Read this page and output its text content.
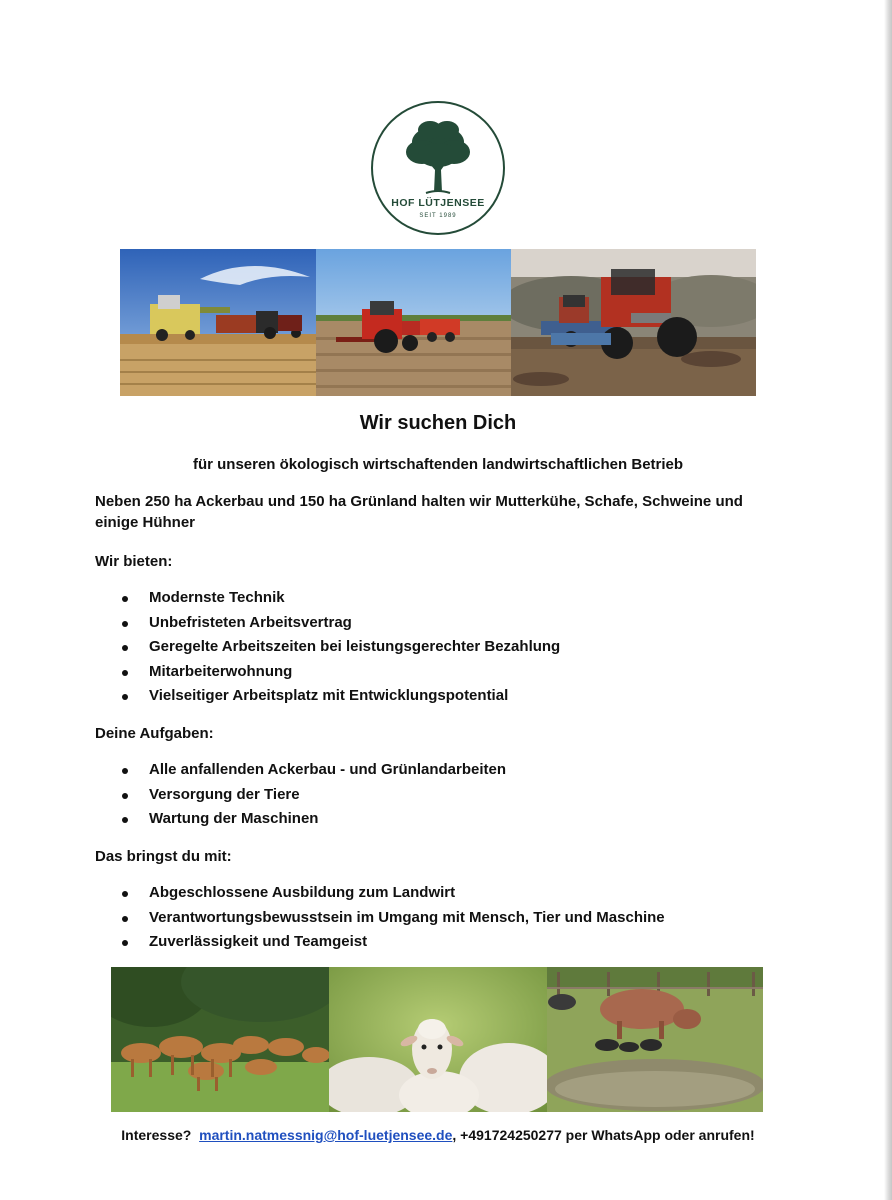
HOF LÜTJENSEE
SEIT 1989
Wir suchen Dich
für unseren ökologisch wirtschaftenden landwirtschaftlichen Betrieb
Neben 250 ha Ackerbau und 150 ha Grünland halten wir Mutterkühe, Schafe, Schweine und einige Hühner
Wir bieten:
Modernste Technik
Unbefristeten Arbeitsvertrag
Geregelte Arbeitszeiten bei leistungsgerechter Bezahlung
Mitarbeiterwohnung
Vielseitiger Arbeitsplatz mit Entwicklungspotential
Deine Aufgaben:
Alle anfallenden Ackerbau - und Grünlandarbeiten
Versorgung der Tiere
Wartung der Maschinen
Das bringst du mit:
Abgeschlossene Ausbildung zum Landwirt
Verantwortungsbewusstsein im Umgang mit Mensch, Tier und Maschine
Zuverlässigkeit und Teamgeist
Interesse? martin.natmessnig@hof-luetjensee.de, +491724250277 per WhatsApp oder anrufen!
